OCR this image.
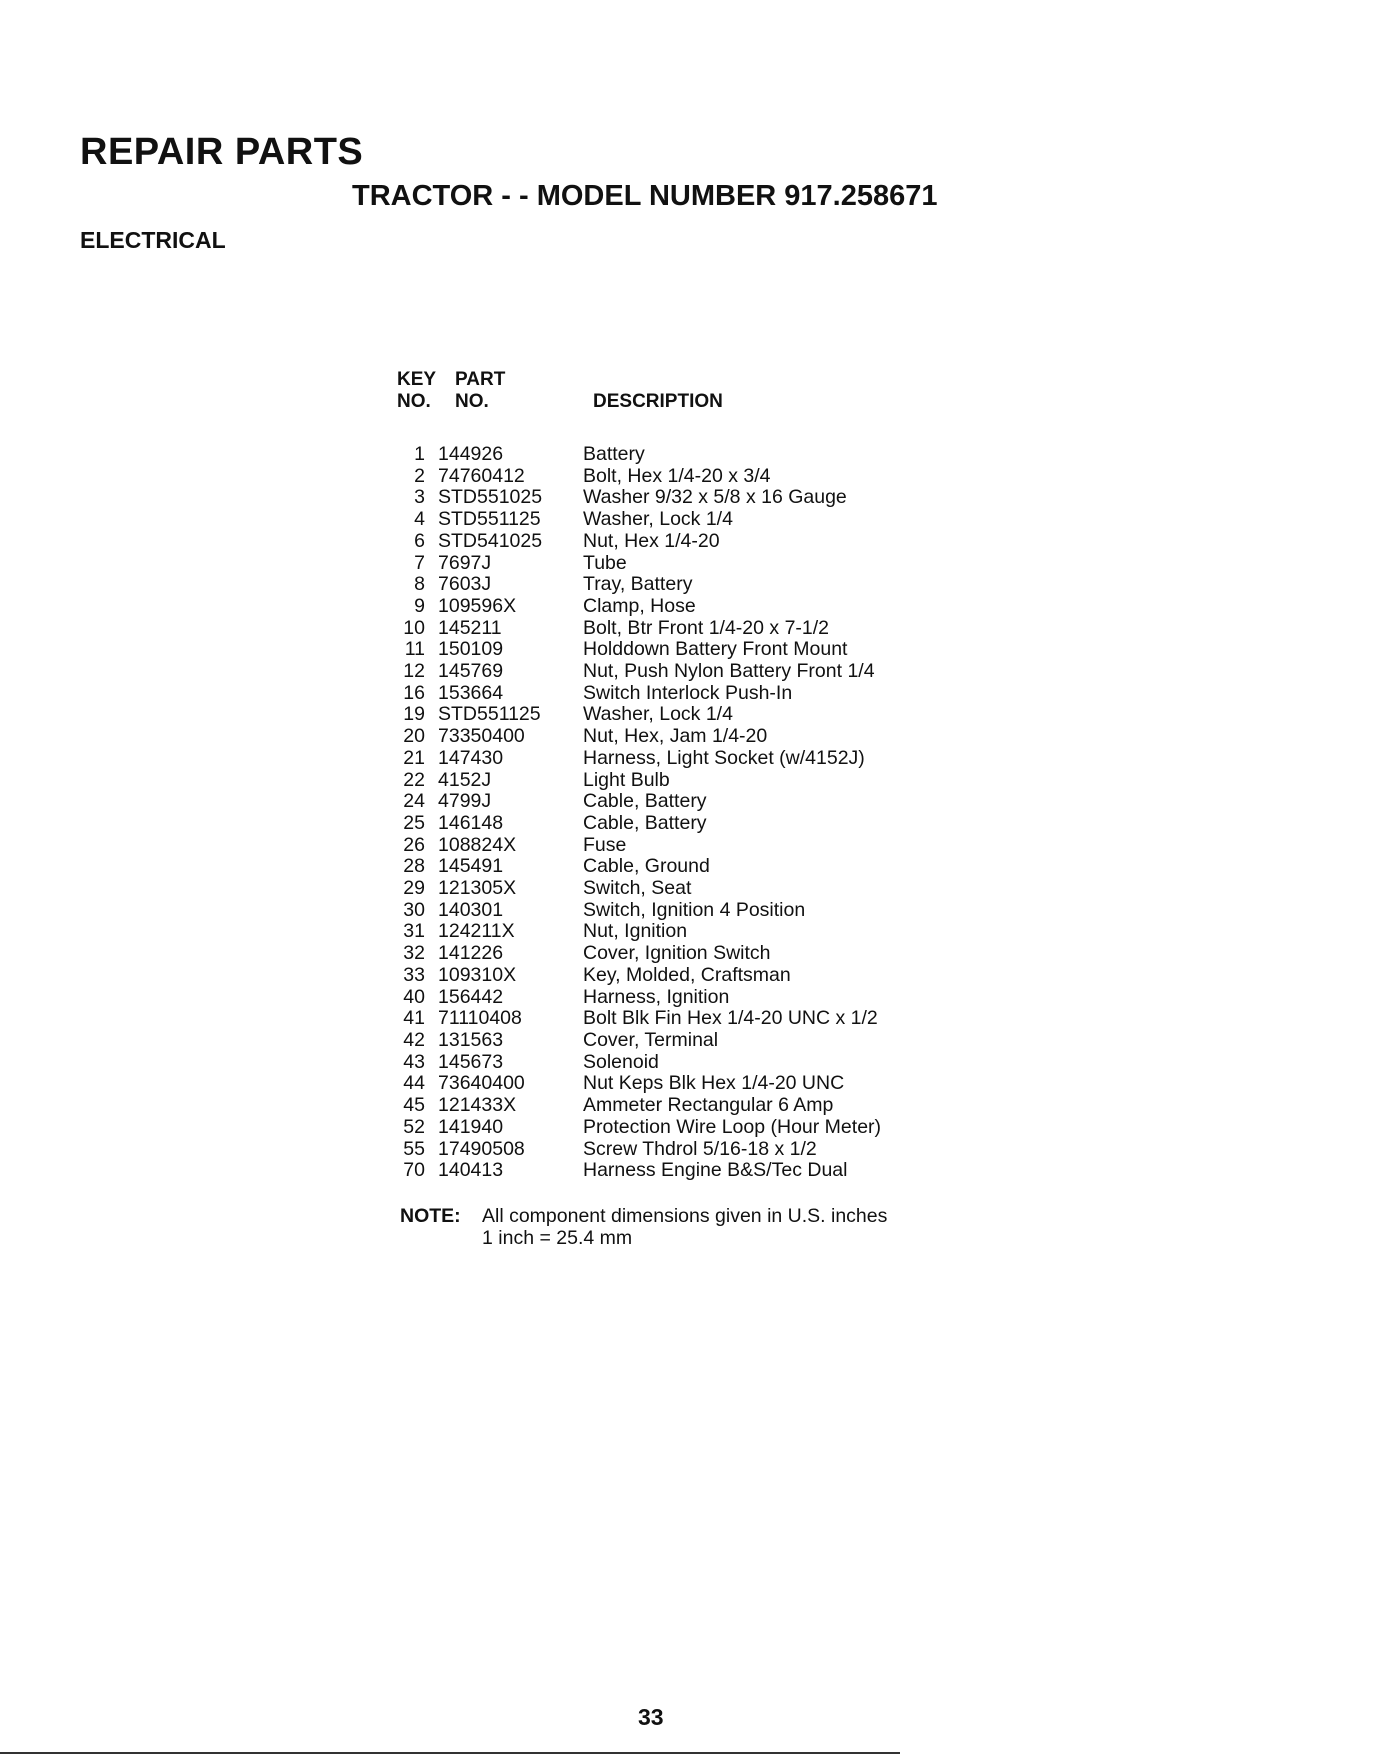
REPAIR PARTS
TRACTOR - - MODEL NUMBER 917.258671
ELECTRICAL
KEY
NO.
PART
NO.	DESCRIPTION
1	144926	Battery
2	74760412	Bolt, Hex 1/4-20 x 3/4
3	STD551025	Washer 9/32 x 5/8 x 16 Gauge
4	STD551125	Washer, Lock 1/4
6	STD541025	Nut, Hex 1/4-20
7	7697J	Tube
8	7603J	Tray, Battery
9	109596X	Clamp, Hose
10	145211	Bolt, Btr Front 1/4-20 x 7-1/2
11	150109	Holddown Battery Front Mount
12	145769	Nut, Push Nylon Battery Front 1/4
16	153664	Switch Interlock Push-In
19	STD551125	Washer, Lock 1/4
20	73350400	Nut, Hex, Jam 1/4-20
21	147430	Harness, Light Socket (w/4152J)
22	4152J	Light Bulb
24	4799J	Cable, Battery
25	146148	Cable, Battery
26	108824X	Fuse
28	145491	Cable, Ground
29	121305X	Switch, Seat
30	140301	Switch, Ignition 4 Position
31	124211X	Nut, Ignition
32	141226	Cover, Ignition Switch
33	109310X	Key, Molded, Craftsman
40	156442	Harness, Ignition
41	71110408	Bolt Blk Fin Hex 1/4-20 UNC x 1/2
42	131563	Cover, Terminal
43	145673	Solenoid
44	73640400	Nut Keps Blk Hex 1/4-20 UNC
45	121433X	Ammeter Rectangular 6 Amp
52	141940	Protection Wire Loop (Hour Meter)
55	17490508	Screw Thdrol 5/16-18 x 1/2
70	140413	Harness Engine B&S/Tec Dual
NOTE: All component dimensions given in U.S. inches
1 inch = 25.4 mm
33
